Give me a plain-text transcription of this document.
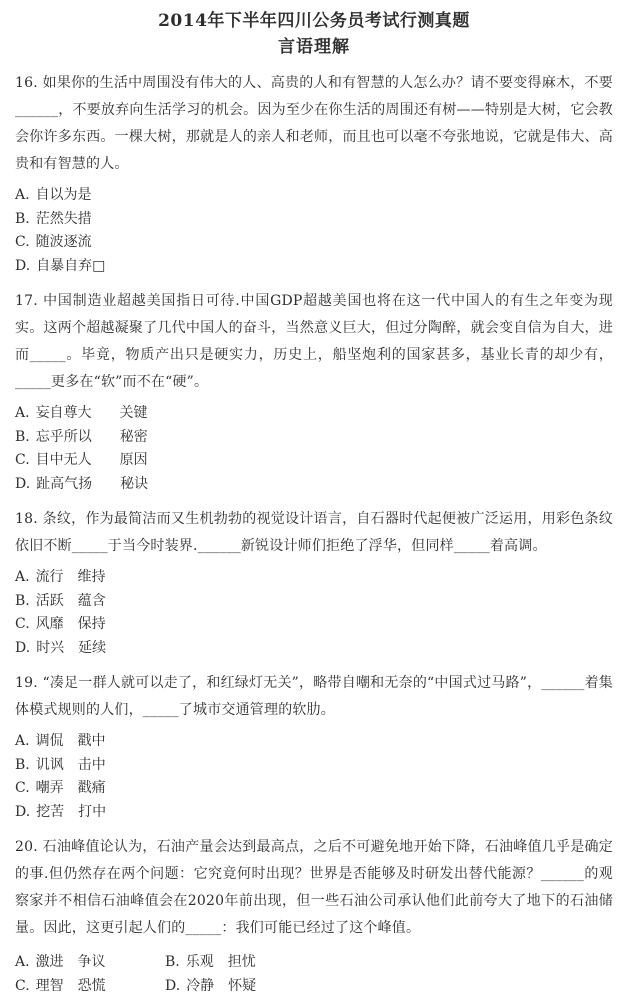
2014年下半年四川公务员考试行测真题
言语理解

16. 如果你的生活中周围没有伟大的人、高贵的人和有智慧的人怎么办？请不要变得麻木，不要______，不要放弃向生活学习的机会。因为至少在你生活的周围还有树——特别是大树，它会教会你许多东西。一棵大树，那就是人的亲人和老师，而且也可以毫不夸张地说，它就是伟大、高贵和有智慧的人。

A. 自以为是
B. 茫然失措
C. 随波逐流
D. 自暴自弃□

17. 中国制造业超越美国指日可待.中国GDP超越美国也将在这一代中国人的有生之年变为现实。这两个超越凝聚了几代中国人的奋斗，当然意义巨大，但过分陶醉，就会变自信为自大，进而_____。毕竟，物质产出只是硬实力，历史上，船坚炮利的国家甚多，基业长青的却少有，_____更多在“软”而不在“硬”。

A. 妄自尊大　　关键
B. 忘乎所以　　秘密
C. 目中无人　　原因
D. 趾高气扬　　秘诀

18. 条纹，作为最简洁而又生机勃勃的视觉设计语言，自石器时代起便被广泛运用，用彩色条纹依旧不断_____于当今时装界.______新锐设计师们拒绝了浮华，但同样_____着高调。

A. 流行　维持
B. 活跃　蕴含
C. 风靡　保持
D. 时兴　延续

19. “凑足一群人就可以走了，和红绿灯无关”，略带自嘲和无奈的“中国式过马路”，______着集体模式规则的人们，_____了城市交通管理的软肋。

A. 调侃　戳中
B. 讥讽　击中
C. 嘲弄　戳痛
D. 挖苦　打中

20. 石油峰值论认为，石油产量会达到最高点，之后不可避免地开始下降，石油峰值几乎是确定的事.但仍然存在两个问题：它究竟何时出现？世界是否能够及时研发出替代能源？______的观察家并不相信石油峰值会在2020年前出现，但一些石油公司承认他们此前夸大了地下的石油储量。因此，这更引起人们的_____：我们可能已经过了这个峰值。

A. 激进　争议	B. 乐观　担忧
C. 理智　恐慌	D. 冷静　怀疑
